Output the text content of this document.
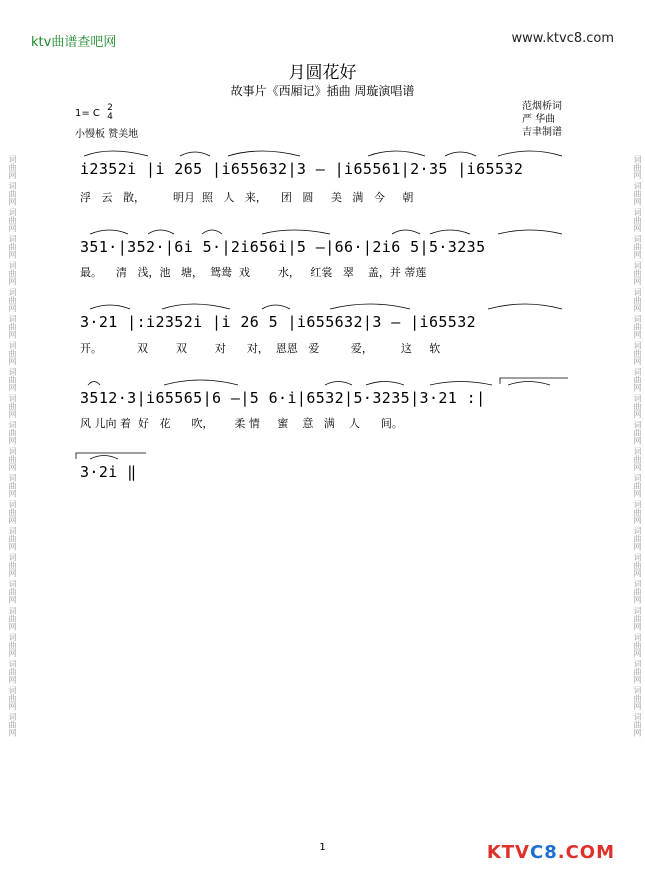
词曲网 词曲网 词曲网 词曲网 词曲网 词曲网 词曲网 词曲网 词曲网 词曲网 词曲网 词曲网 词曲网 词曲网 词曲网 词曲网 词曲网 词曲网 词曲网 词曲网 词曲网 词曲网	词曲网 词曲网 词曲网 词曲网 词曲网 词曲网 词曲网 词曲网 词曲网 词曲网 词曲网 词曲网 词曲网 词曲网 词曲网 词曲网 词曲网 词曲网 词曲网 词曲网 词曲网 词曲网
ktv曲谱查吧网	www.ktvc8.com
月圆花好
故事片《西厢记》插曲 周璇演唱谱
范烟桥词
严 华曲
吉聿制谱
1= C 2
4
小慢板 赞美地
i2352i |i 265 |i655632|3 — |i65561|2·35 |i65532
浮   云   散，        明月  照   人   来，    团   圆     美   满   今     朝
351·|352·|6i 5·|2i656i|5 —|66·|2i6 5|5·3235
最。    清   浅，池   塘，  鸳鸯  戏        水，   红裳   翠    盖，并 蒂莲
3·21 |:i2352i |i 26 5 |i655632|3 — |i65532
开。          双        双        对      对，  恩恩   爱         爱，        这     软
3512·3|i65565|6 —|5 6·i|6532|5·3235|3·21 :|
风 儿向 着  好   花      吹，      柔 情     蜜    意   满    人      间。
3·2i ‖
1	KTVC8.COM
